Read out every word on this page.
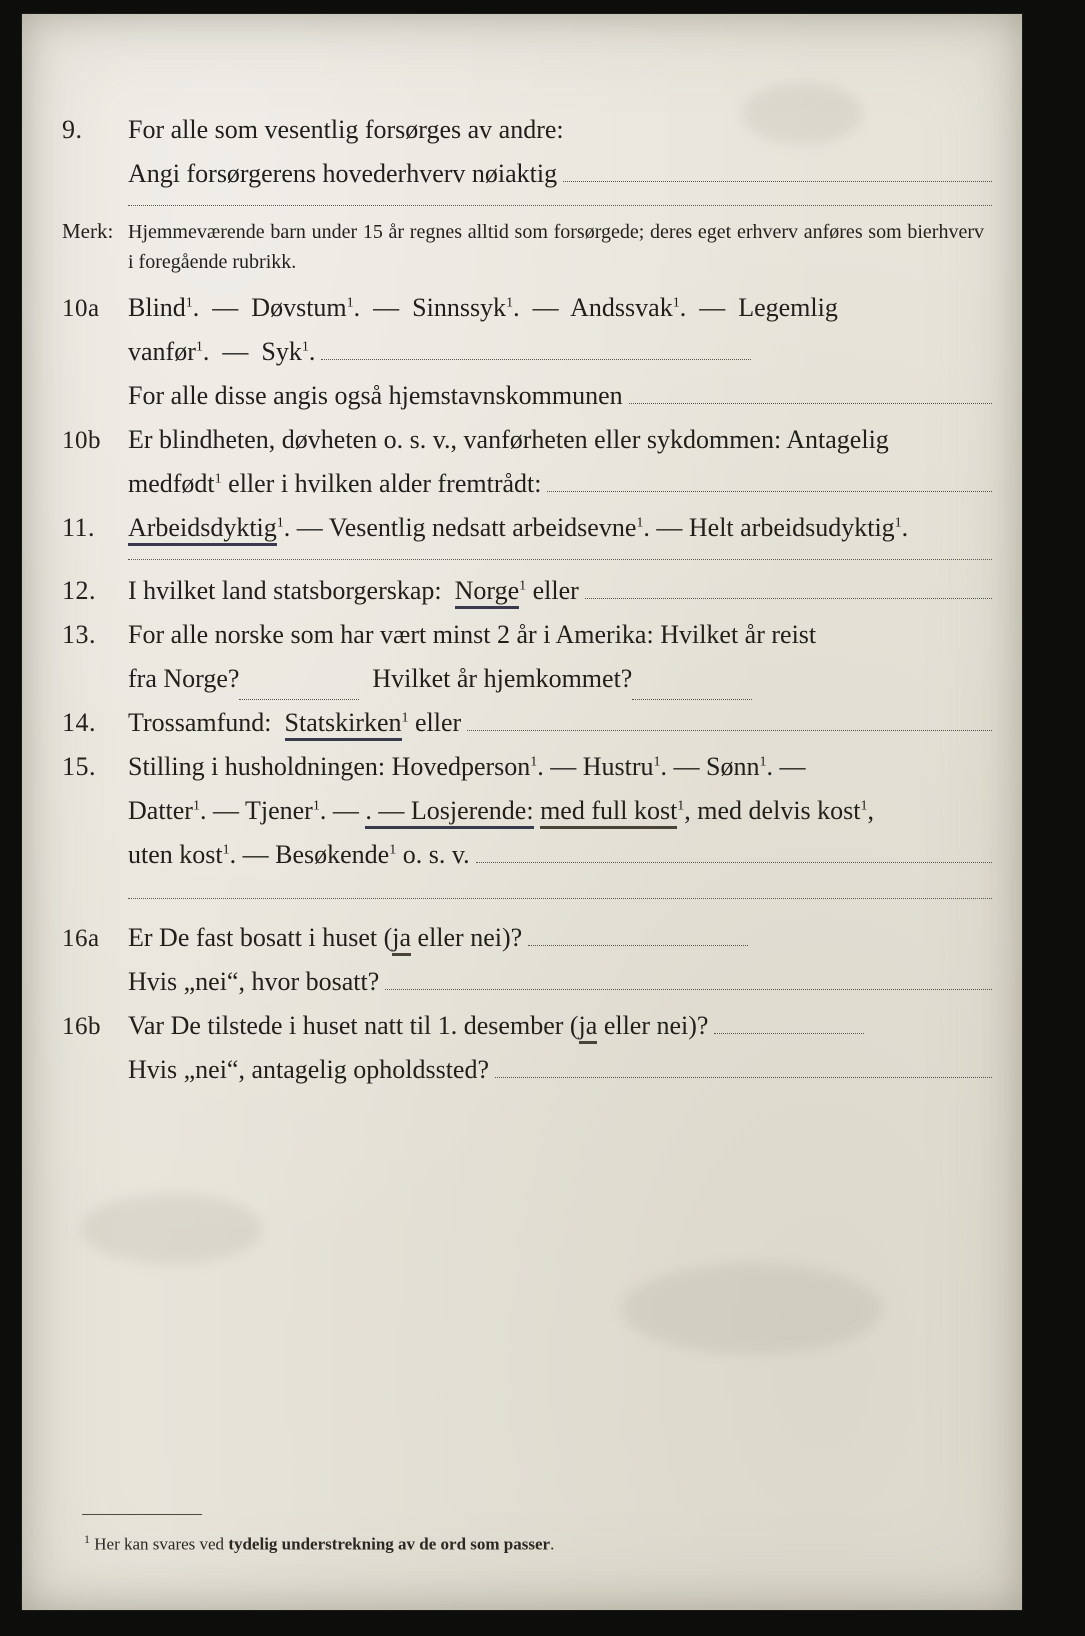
9.	For alle som vesentlig forsørges av andre:
Angi forsørgerens hovederhverv nøiaktig
Merk: Hjemmeværende barn under 15 år regnes alltid som forsørgede; deres eget erhverv anføres som bierhverv i foregående rubrikk.
10a	Blind$^1$.  —  Døvstum$^1$.  —  Sinnssyk$^1$.  —  Andssvak$^1$.  —  Legemlig
vanfør$^1$.  —  Syk$^1$.
For alle disse angis også hjemstavnskommunen
10b	Er blindheten, døvheten o. s. v., vanførheten eller sykdommen: Antagelig
medfødt$^1$ eller i hvilken alder fremtrådt:
11.	Arbeidsdyktig$^1$. — Vesentlig nedsatt arbeidsevne$^1$. — Helt arbeidsudyktig$^1$.
12.	I hvilket land statsborgerskap: Norge$^1$ eller
13.	For alle norske som har vært minst 2 år i Amerika: Hvilket år reist
fra Norge?	Hvilket år hjemkommet?
14.	Trossamfund: Statskirken$^1$ eller
15.	Stilling i husholdningen: Hovedperson$^1$. — Hustru$^1$. — Sønn$^1$. —
Datter$^1$. — Tjener$^1$. — . — Losjerende: med full kost$^1$, med delvis kost$^1$,
uten kost$^1$. — Besøkende$^1$ o. s. v.
16a	Er De fast bosatt i huset (ja eller nei)?
Hvis „nei“, hvor bosatt?
16b	Var De tilstede i huset natt til 1. desember (ja eller nei)?
Hvis „nei“, antagelig opholdssted?
$^1$ Her kan svares ved tydelig understrekning av de ord som passer.
